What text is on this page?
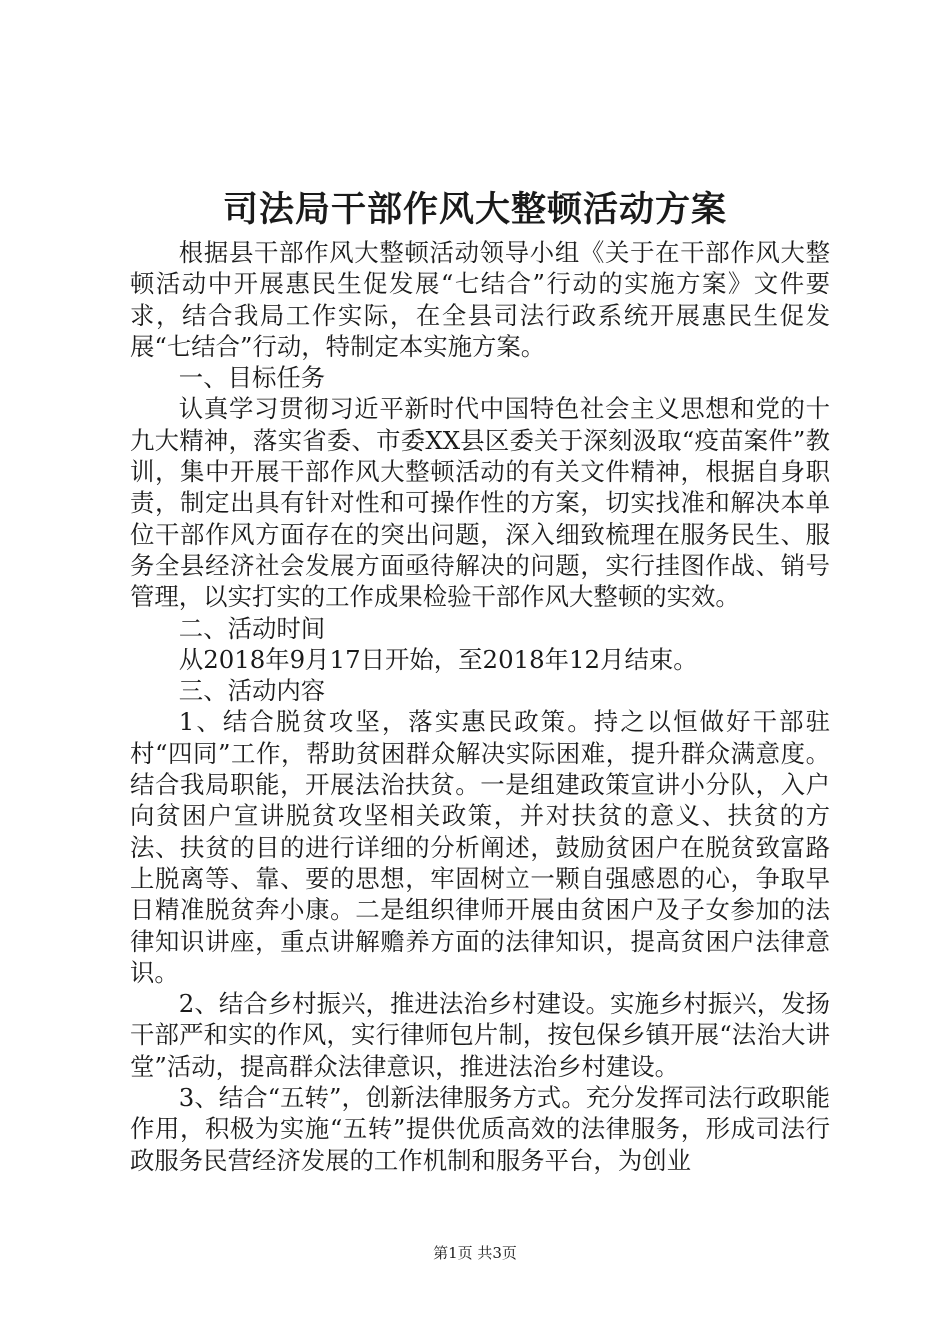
司法局干部作风大整顿活动方案

根据县干部作风大整顿活动领导小组《关于在干部作风大整顿活动中开展惠民生促发展“七结合”行动的实施方案》文件要求，结合我局工作实际，在全县司法行政系统开展惠民生促发展“七结合”行动，特制定本实施方案。

一、目标任务

认真学习贯彻习近平新时代中国特色社会主义思想和党的十九大精神，落实省委、市委XX县区委关于深刻汲取“疫苗案件”教训，集中开展干部作风大整顿活动的有关文件精神，根据自身职责，制定出具有针对性和可操作性的方案，切实找准和解决本单位干部作风方面存在的突出问题，深入细致梳理在服务民生、服务全县经济社会发展方面亟待解决的问题，实行挂图作战、销号管理，以实打实的工作成果检验干部作风大整顿的实效。

二、活动时间

从2018年9月17日开始，至2018年12月结束。

三、活动内容

1、结合脱贫攻坚，落实惠民政策。持之以恒做好干部驻村“四同”工作，帮助贫困群众解决实际困难，提升群众满意度。结合我局职能，开展法治扶贫。一是组建政策宣讲小分队，入户向贫困户宣讲脱贫攻坚相关政策，并对扶贫的意义、扶贫的方法、扶贫的目的进行详细的分析阐述，鼓励贫困户在脱贫致富路上脱离等、靠、要的思想，牢固树立一颗自强感恩的心，争取早日精准脱贫奔小康。二是组织律师开展由贫困户及子女参加的法律知识讲座，重点讲解赡养方面的法律知识，提高贫困户法律意识。

2、结合乡村振兴，推进法治乡村建设。实施乡村振兴，发扬干部严和实的作风，实行律师包片制，按包保乡镇开展“法治大讲堂”活动，提高群众法律意识，推进法治乡村建设。

3、结合“五转”，创新法律服务方式。充分发挥司法行政职能作用，积极为实施“五转”提供优质高效的法律服务，形成司法行政服务民营经济发展的工作机制和服务平台，为创业

第1页 共3页
